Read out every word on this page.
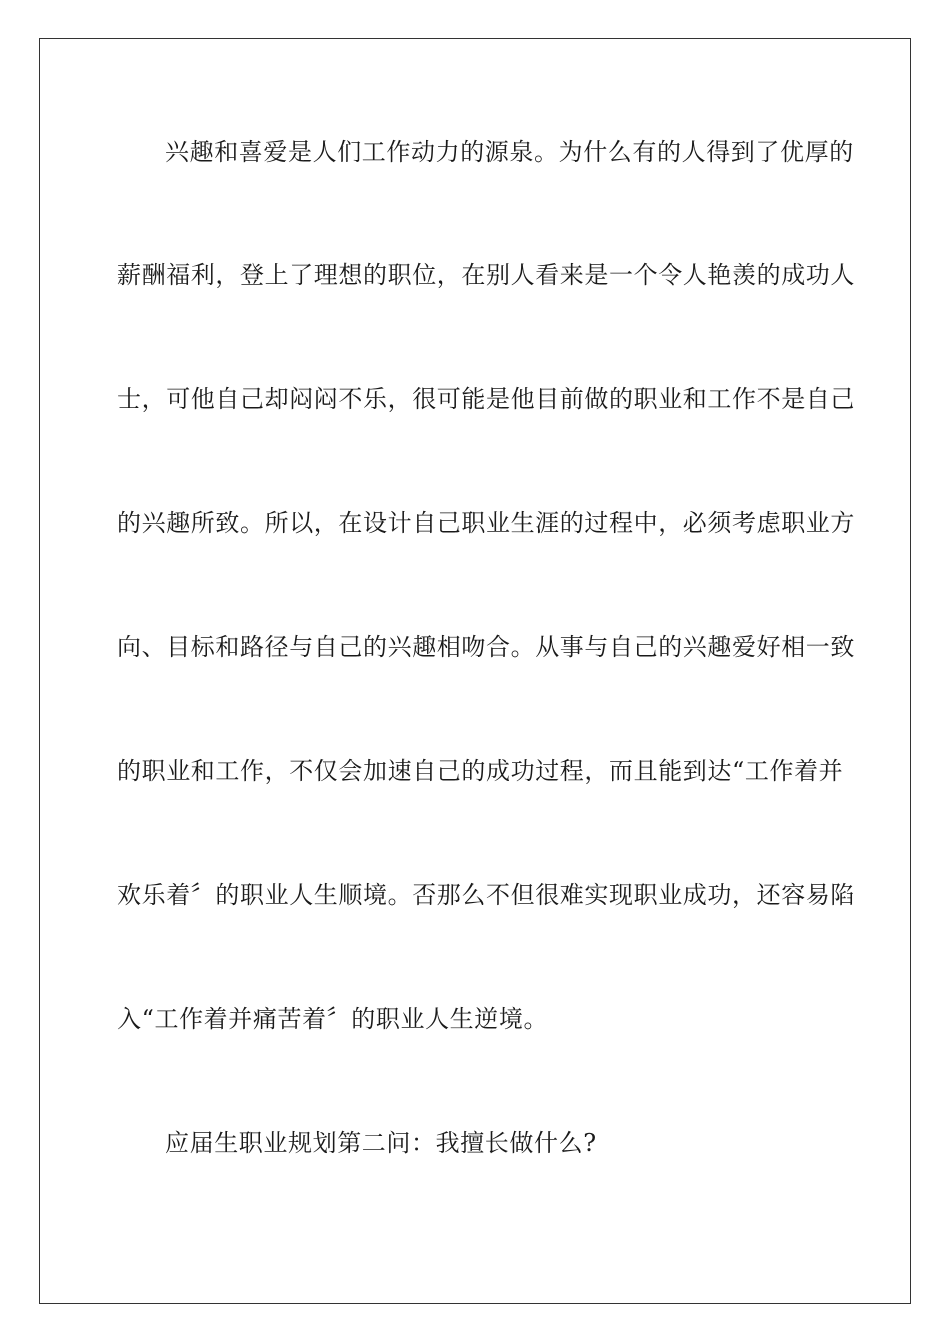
兴趣和喜爱是人们工作动力的源泉。为什么有的人得到了优厚的
薪酬福利，登上了理想的职位，在别人看来是一个令人艳羡的成功人
士，可他自己却闷闷不乐，很可能是他目前做的职业和工作不是自己
的兴趣所致。所以，在设计自己职业生涯的过程中，必须考虑职业方
向、目标和路径与自己的兴趣相吻合。从事与自己的兴趣爱好相一致
的职业和工作，不仅会加速自己的成功过程，而且能到达“工作着并
欢乐着〞的职业人生顺境。否那么不但很难实现职业成功，还容易陷
入“工作着并痛苦着〞的职业人生逆境。
应届生职业规划第二问：我擅长做什么?
